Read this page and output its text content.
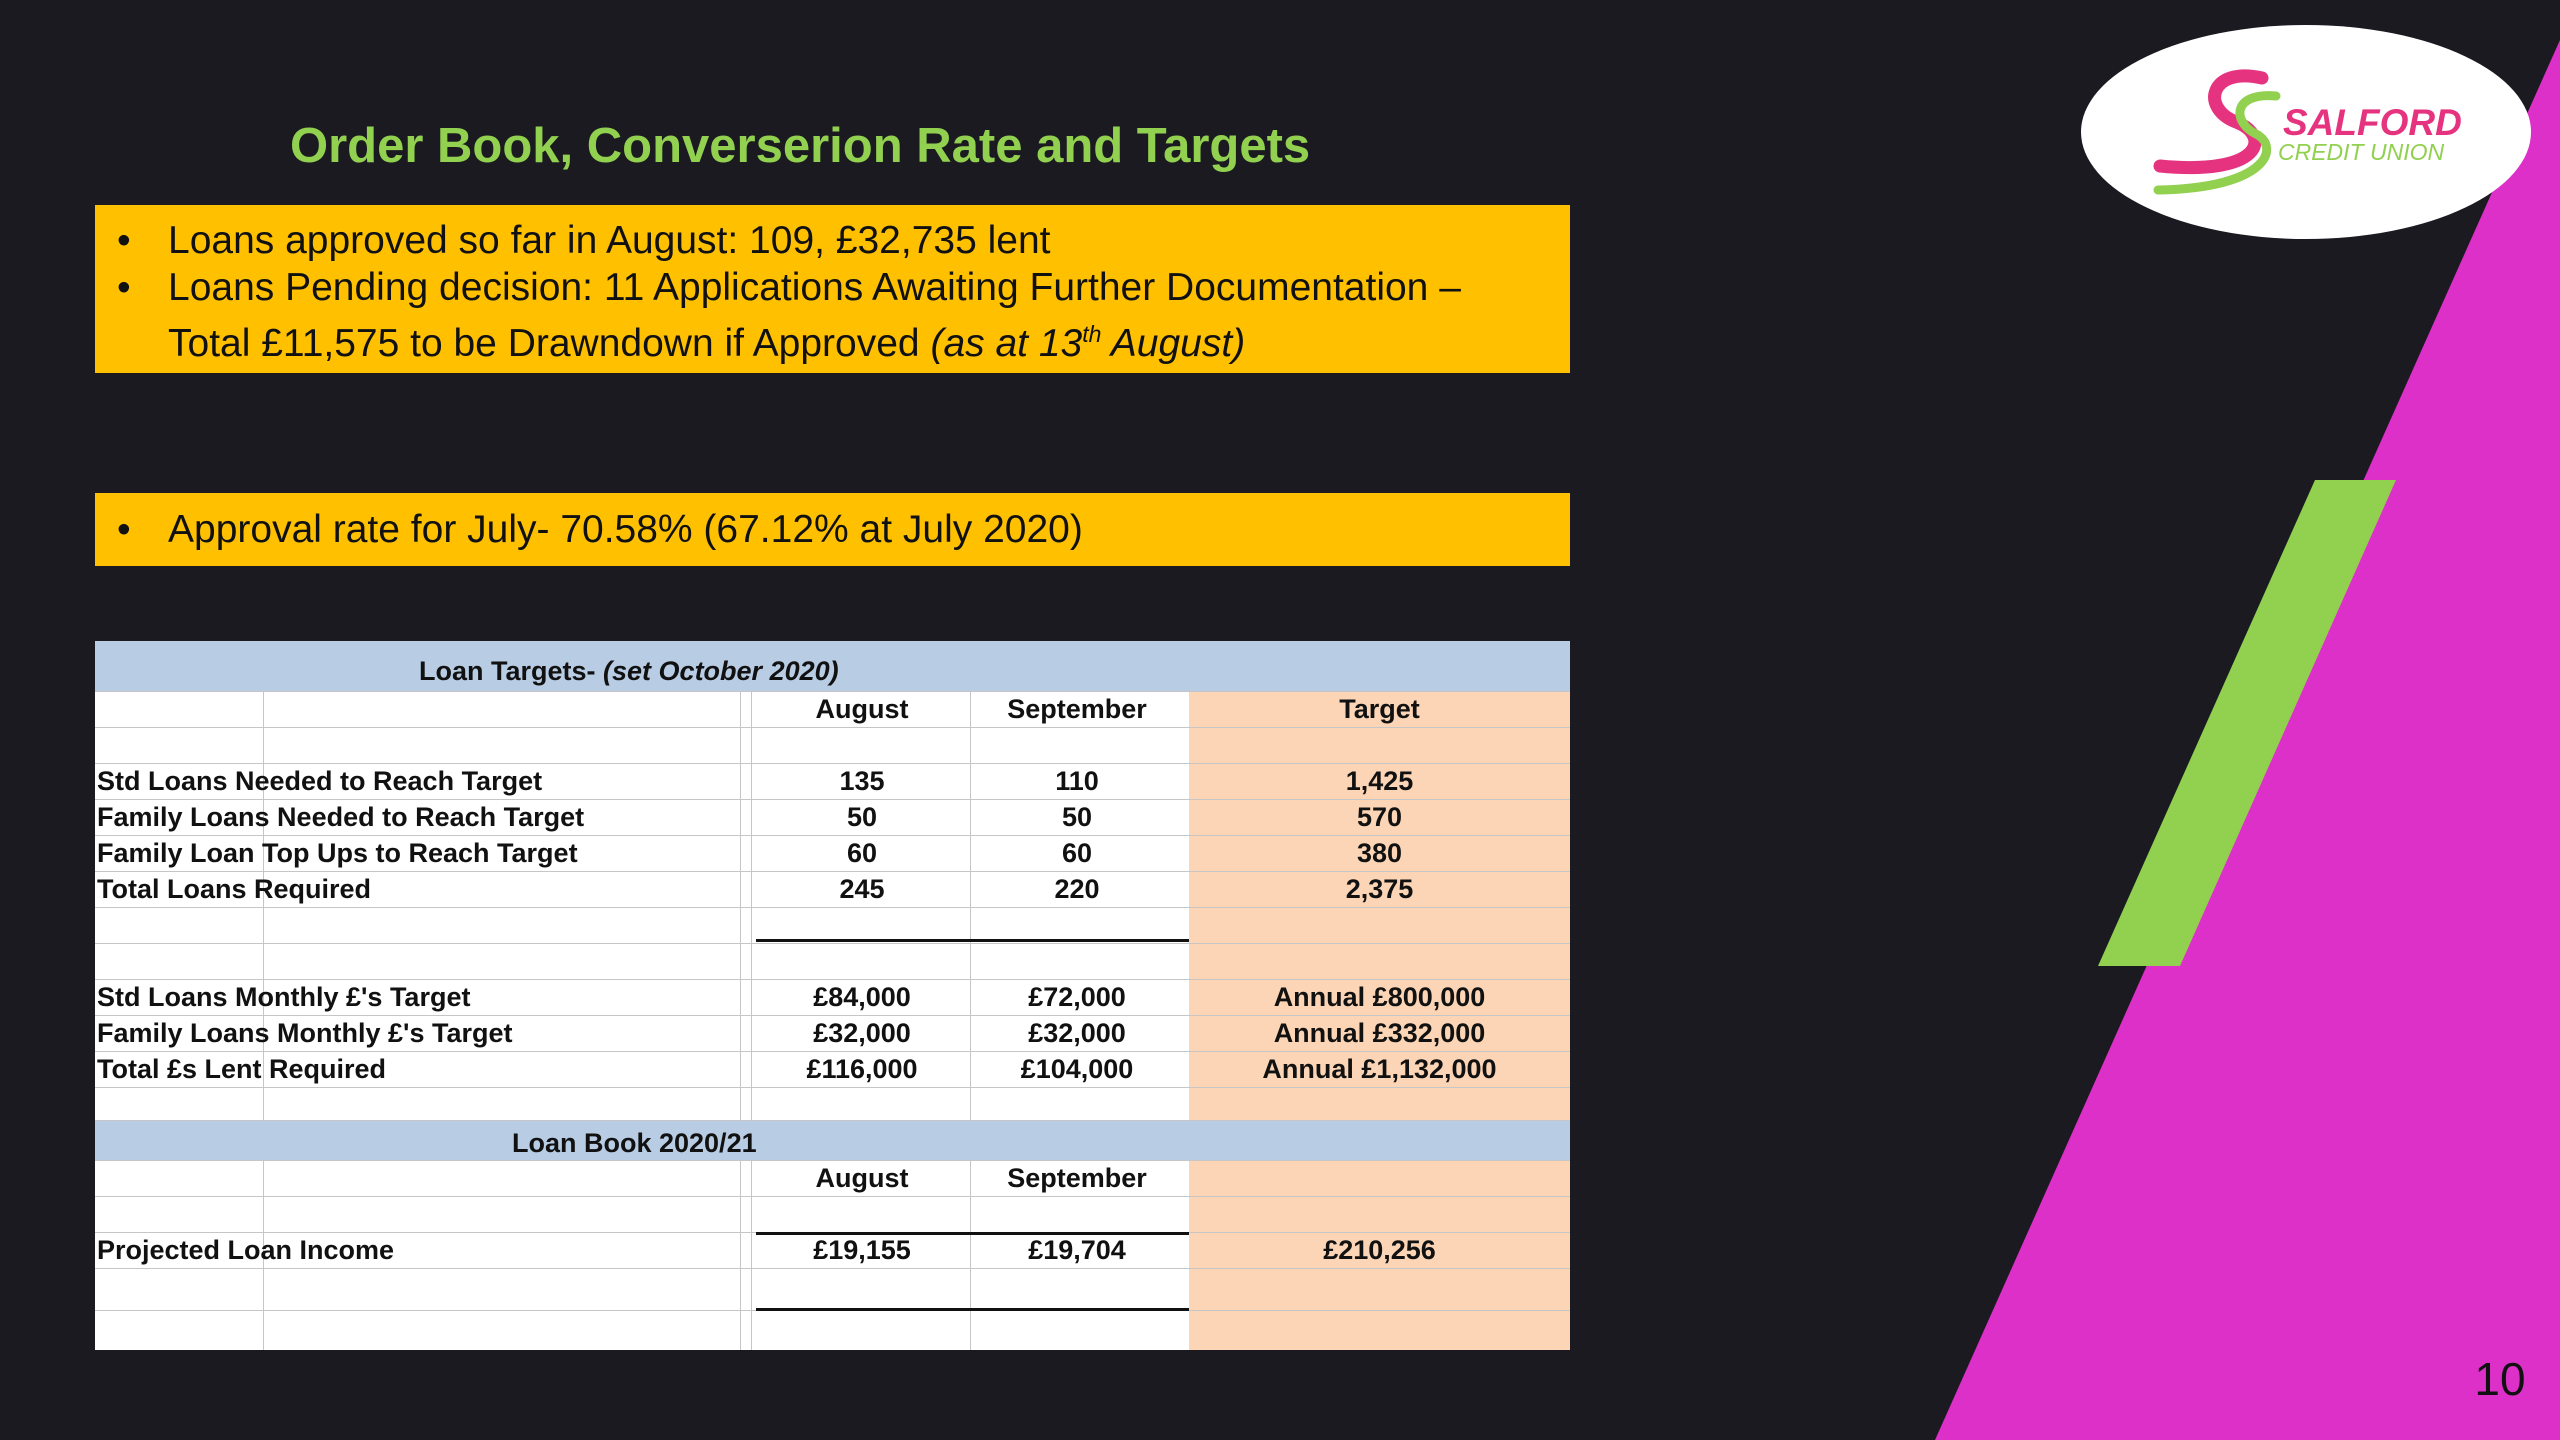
SALFORD
CREDIT UNION
Order Book, Converserion Rate and Targets
• Loans approved so far in August: 109, £32,735 lent
• Loans Pending decision: 11 Applications Awaiting Further Documentation –
Total £11,575 to be Drawndown if Approved (as at 13th August)
• Approval rate for July- 70.58% (67.12% at July 2020)
Loan Targets- (set October 2020)
August	September	Target
Std Loans Needed to Reach Target	135	110	1,425
Family Loans Needed to Reach Target	50	50	570
Family Loan Top Ups to Reach Target	60	60	380
Total Loans Required	245	220	2,375
Std Loans Monthly £'s Target	£84,000	£72,000	Annual £800,000
Family Loans Monthly £'s Target	£32,000	£32,000	Annual £332,000
Total £s Lent Required	£116,000	£104,000	Annual £1,132,000
Loan Book 2020/21
August	September
Projected Loan Income	£19,155	£19,704	£210,256
10
